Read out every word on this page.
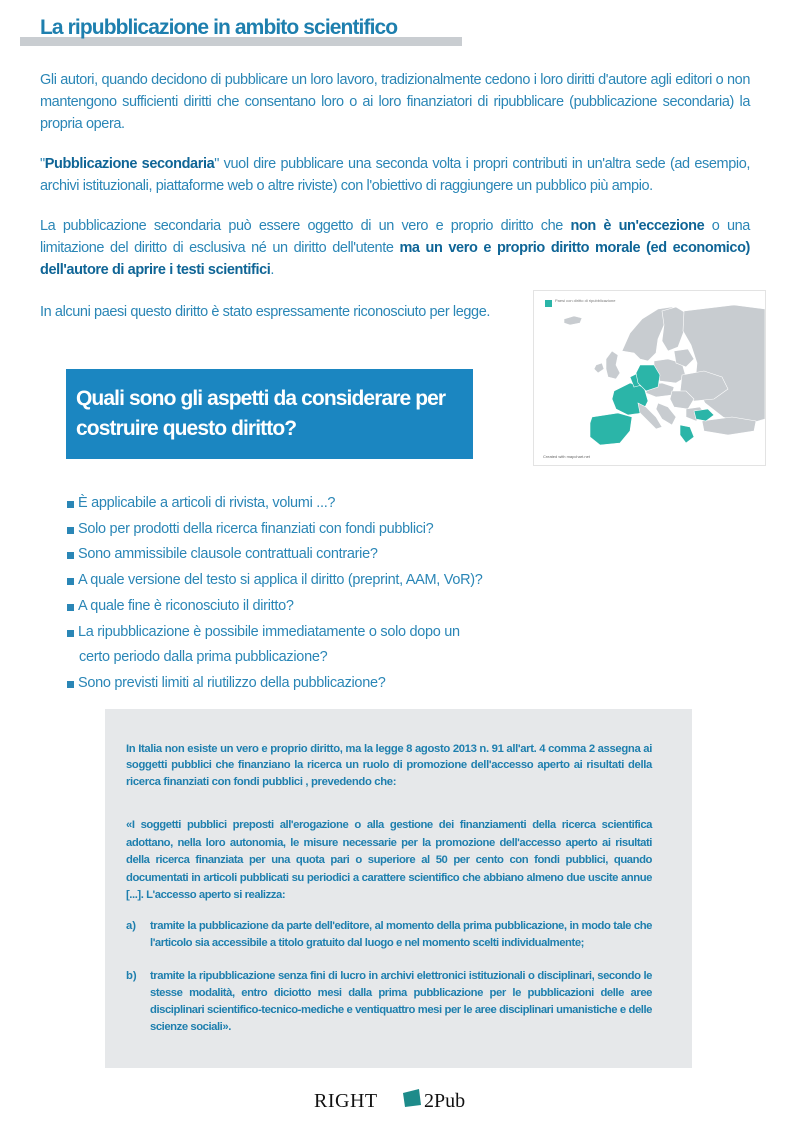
La ripubblicazione in ambito scientifico

Gli autori, quando decidono di pubblicare un loro lavoro, tradizionalmente cedono i loro diritti d'autore agli editori o non mantengono sufficienti diritti che consentano loro o ai loro finanziatori di ripubblicare (pubblicazione secondaria) la propria opera.

"Pubblicazione secondaria" vuol dire pubblicare una seconda volta i propri contributi in un'altra sede (ad esempio, archivi istituzionali, piattaforme web o altre riviste) con l'obiettivo di raggiungere un pubblico più ampio.

La pubblicazione secondaria può essere oggetto di un vero e proprio diritto che non è un'eccezione o una limitazione del diritto di esclusiva né un diritto dell'utente ma un vero e proprio diritto morale (ed economico) dell'autore di aprire i testi scientifici.

In alcuni paesi questo diritto è stato espressamente riconosciuto per legge.

Paesi con diritto di ripubblicazione
Created with mapchart.net

Quali sono gli aspetti da considerare per costruire questo diritto?

È applicabile a articoli di rivista, volumi ...?
Solo per prodotti della ricerca finanziati con fondi pubblici?
Sono ammissibile clausole contrattuali contrarie?
A quale versione del testo si applica il diritto (preprint, AAM, VoR)?
A quale fine è riconosciuto il diritto?
La ripubblicazione è possibile immediatamente o solo dopo un
certo periodo dalla prima pubblicazione?
Sono previsti limiti al riutilizzo della pubblicazione?

In Italia non esiste un vero e proprio diritto, ma la legge 8 agosto 2013 n. 91 all'art. 4 comma 2 assegna ai soggetti pubblici che finanziano la ricerca un ruolo di promozione dell'accesso aperto ai risultati della ricerca finanziati con fondi pubblici , prevedendo che:

«I soggetti pubblici preposti all'erogazione o alla gestione dei finanziamenti della ricerca scientifica adottano, nella loro autonomia, le misure necessarie per la promozione dell'accesso aperto ai risultati della ricerca finanziata per una quota pari o superiore al 50 per cento con fondi pubblici, quando documentati in articoli pubblicati su periodici a carattere scientifico che abbiano almeno due uscite annue [...]. L'accesso aperto si realizza:

a) tramite la pubblicazione da parte dell'editore, al momento della prima pubblicazione, in modo tale che l'articolo sia accessibile a titolo gratuito dal luogo e nel momento scelti individualmente;

b) tramite la ripubblicazione senza fini di lucro in archivi elettronici istituzionali o disciplinari, secondo le stesse modalità, entro diciotto mesi dalla prima pubblicazione per le pubblicazioni delle aree disciplinari scientifico-tecnico-mediche e ventiquattro mesi per le aree disciplinari umanistiche e delle scienze sociali».

RIGHT 2Pub
